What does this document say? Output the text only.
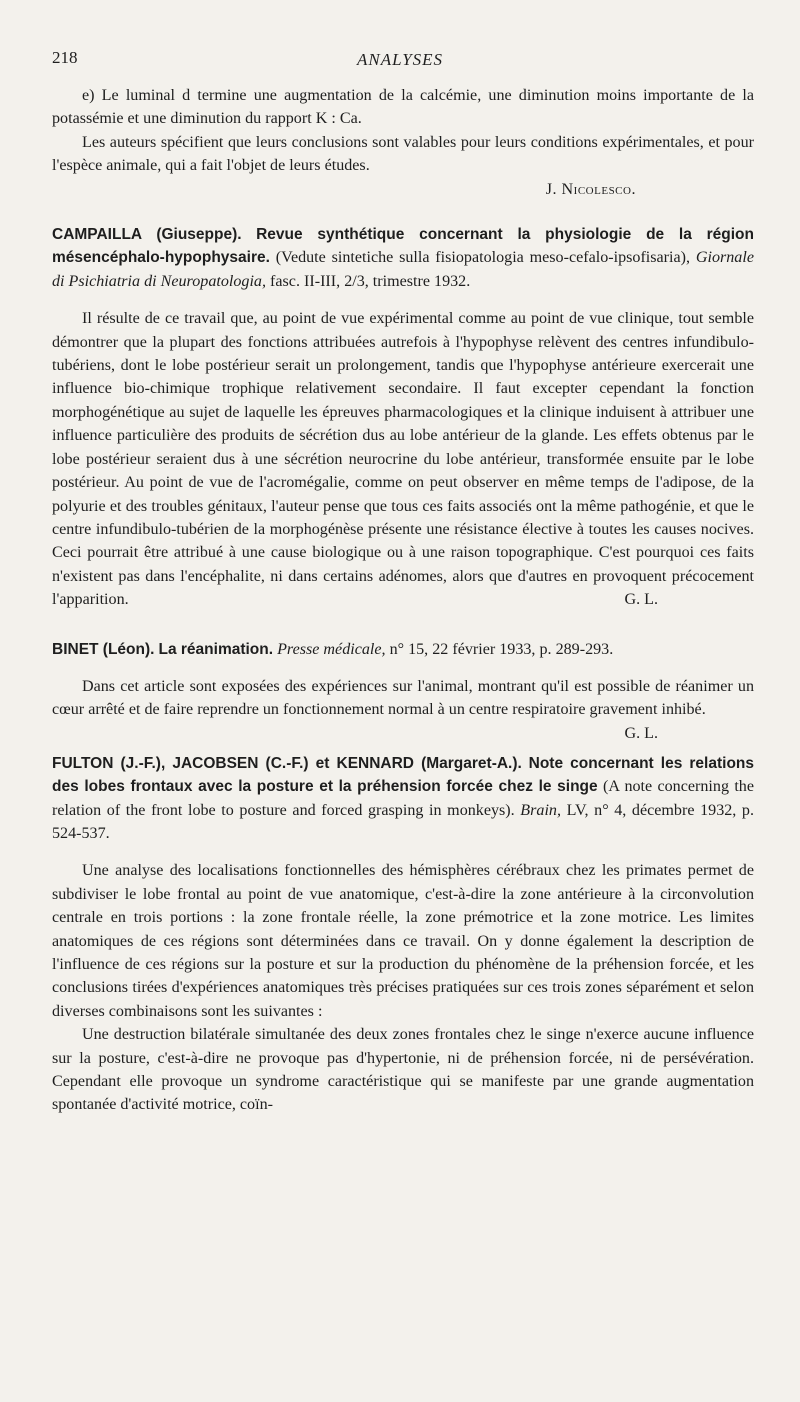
218	ANALYSES

e) Le luminal d termine une augmentation de la calcémie, une diminution moins importante de la potassémie et une diminution du rapport K : Ca.

Les auteurs spécifient que leurs conclusions sont valables pour leurs conditions expérimentales, et pour l'espèce animale, qui a fait l'objet de leurs études.

J. Nicolesco.

CAMPAILLA (Giuseppe). Revue synthétique concernant la physiologie de la région mésencéphalo-hypophysaire. (Vedute sintetiche sulla fisiopatologia meso-cefalo-ipsofisaria), Giornale di Psichiatria di Neuropatologia, fasc. II-III, 2/3, trimestre 1932.

Il résulte de ce travail que, au point de vue expérimental comme au point de vue clinique, tout semble démontrer que la plupart des fonctions attribuées autrefois à l'hypophyse relèvent des centres infundibulo-tubériens, dont le lobe postérieur serait un prolongement, tandis que l'hypophyse antérieure exercerait une influence bio-chimique trophique relativement secondaire. Il faut excepter cependant la fonction morphogénétique au sujet de laquelle les épreuves pharmacologiques et la clinique induisent à attribuer une influence particulière des produits de sécrétion dus au lobe antérieur de la glande. Les effets obtenus par le lobe postérieur seraient dus à une sécrétion neurocrine du lobe antérieur, transformée ensuite par le lobe postérieur. Au point de vue de l'acromégalie, comme on peut observer en même temps de l'adipose, de la polyurie et des troubles génitaux, l'auteur pense que tous ces faits associés ont la même pathogénie, et que le centre infundibulo-tubérien de la morphogénèse présente une résistance élective à toutes les causes nocives. Ceci pourrait être attribué à une cause biologique ou à une raison topographique. C'est pourquoi ces faits n'existent pas dans l'encéphalite, ni dans certains adénomes, alors que d'autres en provoquent précocement l'apparition.	G. L.

BINET (Léon). La réanimation. Presse médicale, n° 15, 22 février 1933, p. 289-293.

Dans cet article sont exposées des expériences sur l'animal, montrant qu'il est possible de réanimer un cœur arrêté et de faire reprendre un fonctionnement normal à un centre respiratoire gravement inhibé.
G. L.

FULTON (J.-F.), JACOBSEN (C.-F.) et KENNARD (Margaret-A.). Note concernant les relations des lobes frontaux avec la posture et la préhension forcée chez le singe (A note concerning the relation of the front lobe to posture and forced grasping in monkeys). Brain, LV, n° 4, décembre 1932, p. 524-537.

Une analyse des localisations fonctionnelles des hémisphères cérébraux chez les primates permet de subdiviser le lobe frontal au point de vue anatomique, c'est-à-dire la zone antérieure à la circonvolution centrale en trois portions : la zone frontale réelle, la zone prémotrice et la zone motrice. Les limites anatomiques de ces régions sont déterminées dans ce travail. On y donne également la description de l'influence de ces régions sur la posture et sur la production du phénomène de la préhension forcée, et les conclusions tirées d'expériences anatomiques très précises pratiquées sur ces trois zones séparément et selon diverses combinaisons sont les suivantes :

Une destruction bilatérale simultanée des deux zones frontales chez le singe n'exerce aucune influence sur la posture, c'est-à-dire ne provoque pas d'hypertonie, ni de préhension forcée, ni de persévération. Cependant elle provoque un syndrome caractéristique qui se manifeste par une grande augmentation spontanée d'activité motrice, coïn-
